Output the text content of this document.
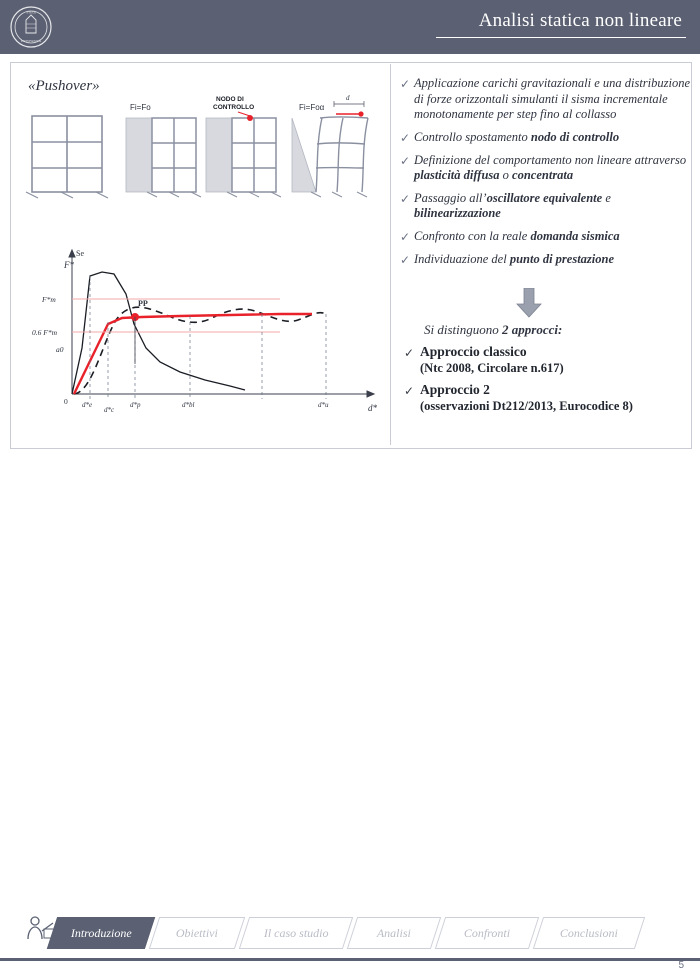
UNIVERSITÀ
STUDI	Analisi statica non lineare
«Pushover»
Fi=Fo
NODO DI
CONTROLLO	Fi=Foα
d
Se
F*
d*
PP
F*m
0.6 F*m
a0
0 d*e
d*c
d*p	d*bl	d*u
✓ Applicazione carichi gravitazionali e una distribuzione di forze orizzontali simulanti il sisma incrementale monotonamente per step fino al collasso
✓ Controllo spostamento nodo di controllo
✓ Definizione del comportamento non lineare attraverso plasticità diffusa o concentrata
✓ Passaggio all’oscillatore equivalente e bilinearizzazione
✓ Confronto con la reale domanda sismica
✓ Individuazione del punto di prestazione
Si distinguono 2 approcci:
✓ Approccio classico
(Ntc 2008, Circolare n.617)
✓ Approccio 2
(osservazioni Dt212/2013, Eurocodice 8)
Introduzione	Obiettivi	Il caso studio	Analisi	Confronti	Conclusioni
5
